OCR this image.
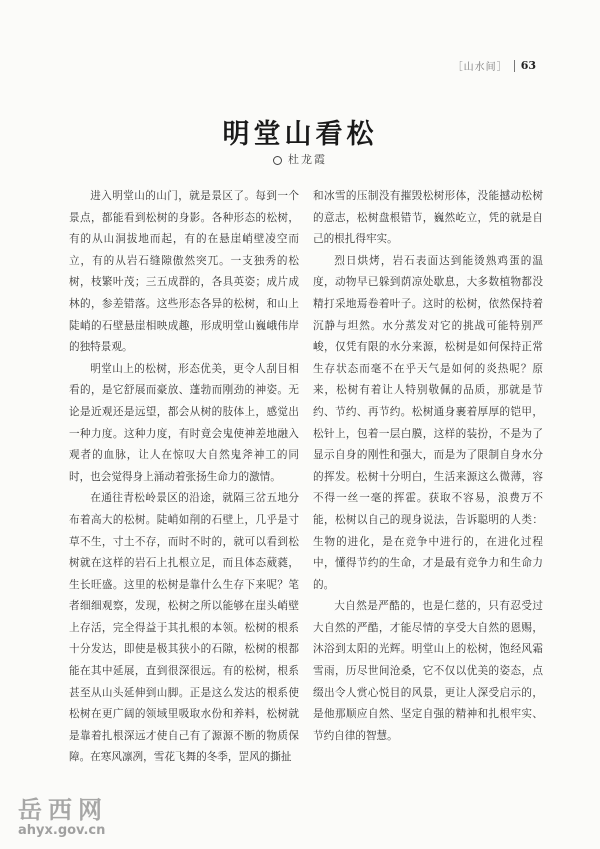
［山水间］ 63
明堂山看松
杜龙霞

进入明堂山的山门，就是景区了。每到一个景点，都能看到松树的身影。各种形态的松树，有的从山洞拔地而起，有的在悬崖峭壁凌空而立，有的从岩石缝隙傲然突兀。一支独秀的松树，枝繁叶茂；三五成群的，各具英姿；成片成林的，参差错落。这些形态各异的松树，和山上陡峭的石壁悬崖相映成趣，形成明堂山巍峨伟岸的独特景观。

明堂山上的松树，形态优美，更令人刮目相看的，是它舒展而豪放、蓬勃而刚劲的神姿。无论是近观还是远望，都会从树的肢体上，感觉出一种力度。这种力度，有时竟会鬼使神差地融入观者的血脉，让人在惊叹大自然鬼斧神工的同时，也会觉得身上涌动着张扬生命力的激情。

在通往青松岭景区的沿途，就隔三岔五地分布着高大的松树。陡峭如削的石壁上，几乎是寸草不生，寸土不存，而时不时的，就可以看到松树就在这样的岩石上扎根立足，而且体态葳蕤，生长旺盛。这里的松树是靠什么生存下来呢？笔者细细观察，发现，松树之所以能够在崖头峭壁上存活，完全得益于其扎根的本领。松树的根系十分发达，即使是极其狭小的石隙，松树的根都能在其中延展，直到很深很远。有的松树，根系甚至从山头延伸到山脚。正是这么发达的根系使松树在更广阔的领域里吸取水份和养料，松树就是靠着扎根深远才使自己有了源源不断的物质保障。在寒风凛冽，雪花飞舞的冬季，罡风的撕扯

和冰雪的压制没有摧毁松树形体，没能撼动松树的意志，松树盘根错节，巍然屹立，凭的就是自己的根扎得牢实。

烈日烘烤，岩石表面达到能烫熟鸡蛋的温度，动物早已躲到荫凉处歇息，大多数植物都没精打采地焉卷着叶子。这时的松树，依然保持着沉静与坦然。水分蒸发对它的挑战可能特别严峻，仅凭有限的水分来源，松树是如何保持正常生存状态而毫不在乎天气是如何的炎热呢？原来，松树有着让人特别敬佩的品质，那就是节约、节约、再节约。松树通身裹着厚厚的铠甲，松针上，包着一层白膜，这样的装扮，不是为了显示自身的刚性和强大，而是为了限制自身水分的挥发。松树十分明白，生活来源这么微薄，容不得一丝一毫的挥霍。获取不容易，浪费万不能，松树以自己的现身说法，告诉聪明的人类：生物的进化，是在竞争中进行的，在进化过程中，懂得节约的生命，才是最有竞争力和生命力的。

大自然是严酷的，也是仁慈的，只有忍受过大自然的严酷，才能尽情的享受大自然的恩赐，沐浴到太阳的光辉。明堂山上的松树，饱经风霜雪雨，历尽世间沧桑，它不仅以优美的姿态，点缀出令人赏心悦目的风景，更让人深受启示的，是他那顺应自然、坚定自强的精神和扎根牢实、节约自律的智慧。

岳西网
ahyx.gov.cn
